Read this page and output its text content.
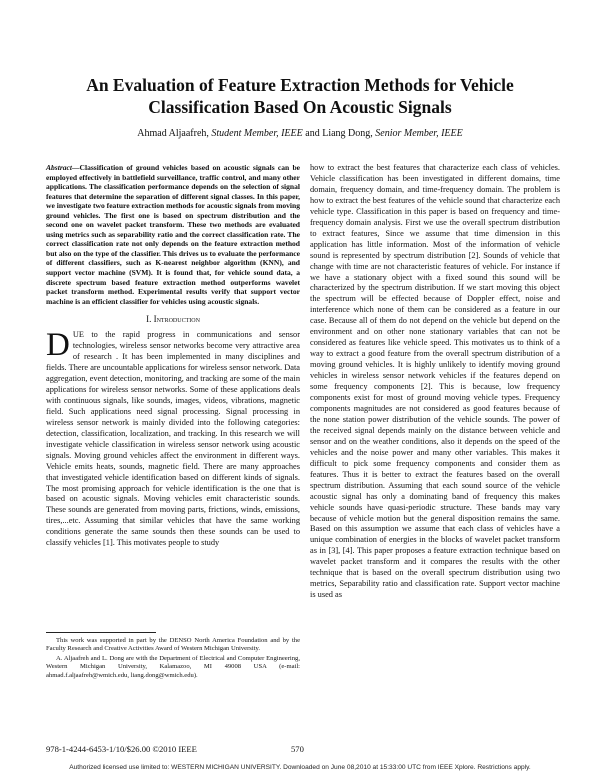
An Evaluation of Feature Extraction Methods for Vehicle
Classification Based On Acoustic Signals
Ahmad Aljaafreh, Student Member, IEEE and Liang Dong, Senior Member, IEEE

Abstract—Classification of ground vehicles based on acoustic signals can be employed effectively in battlefield surveillance, traffic control, and many other applications. The classification performance depends on the selection of signal features that determine the separation of different signal classes. In this paper, we investigate two feature extraction methods for acoustic signals from moving ground vehicles. The first one is based on spectrum distribution and the second one on wavelet packet transform. These two methods are evaluated using metrics such as separability ratio and the correct classification rate. The correct classification rate not only depends on the feature extraction method but also on the type of the classifier. This drives us to evaluate the performance of different classifiers, such as K-nearest neighbor algorithm (KNN), and support vector machine (SVM). It is found that, for vehicle sound data, a discrete spectrum based feature extraction method outperforms wavelet packet transform method. Experimental results verify that support vector machine is an efficient classifier for vehicles using acoustic signals.

I. Introduction

DUE to the rapid progress in communications and sensor technologies, wireless sensor networks become very attractive area of research . It has been implemented in many disciplines and fields. There are uncountable applications for wireless sensor network. Data aggregation, event detection, monitoring, and tracking are some of the main applications for wireless sensor networks. Some of these applications deals with continuous signals, like sounds, images, videos, vibrations, magnetic field. Such applications need signal processing. Signal processing in wireless sensor network is mainly divided into the following categories: detection, classification, localization, and tracking. In this research we will investigate vehicle classification in wireless sensor network using acoustic signals. Moving ground vehicles affect the environment in different ways. Vehicle emits heats, sounds, magnetic field. There are many approaches that investigated vehicle identification based on different kinds of signals. The most promising approach for vehicle identification is the one that is based on acoustic signals. Moving vehicles emit characteristic sounds. These sounds are generated from moving parts, frictions, winds, emissions, tires,...etc. Assuming that similar vehicles that have the same working conditions generate the same sounds then these sounds can be used to classify vehicles [1]. This motivates people to study

This work was supported in part by the DENSO North America Foundation and by the Faculty Research and Creative Activities Award of Western Michigan University.

A. Aljaafreh and L. Dong are with the Department of Electrical and Computer Engineering, Western Michigan University, Kalamazoo, MI 49008 USA (e-mail: ahmad.f.aljaafreh@wmich.edu, liang.dong@wmich.edu).

how to extract the best features that characterize each class of vehicles. Vehicle classification has been investigated in different domains, time domain, frequency domain, and time-frequency domain. The problem is how to extract the best features of the vehicle sound that characterize each vehicle type. Classification in this paper is based on frequency and time-frequency domain analysis. First we use the overall spectrum distribution to extract features, Since we assume that time dimension in this application has little information. Most of the information of vehicle sound is represented by spectrum distribution [2]. Sounds of vehicle that change with time are not characteristic features of vehicle. For instance if we have a stationary object with a fixed sound this sound will be characterized by the spectrum distribution. If we start moving this object the spectrum will be effected because of Doppler effect, noise and interference which none of them can be considered as a feature in our case. Because all of them do not depend on the vehicle but depend on the environment and on other none stationary variables that can not be considered as features like vehicle speed. This motivates us to think of a way to extract a good feature from the overall spectrum distribution of a moving ground vehicles. It is highly unlikely to identify moving ground vehicles in wireless sensor network vehicles if the features depend on some frequency components [2]. This is because, low frequency components exist for most of ground moving vehicle types. Frequency components magnitudes are not considered as good features because of the none station power distribution of the vehicle sounds. The power of the received signal depends mainly on the distance between vehicle and sensor and on the weather conditions, also it depends on the speed of the vehicles and the noise power and many other variables. This makes it difficult to pick some frequency components and consider them as features. Thus it is better to extract the features based on the overall spectrum distribution. Assuming that each sound source of the vehicle acoustic signal has only a dominating band of frequency this makes vehicle sounds have quasi-periodic structure. These bands may vary because of vehicle motion but the general disposition remains the same. Based on this assumption we assume that each class of vehicles have a unique combination of energies in the blocks of wavelet packet transform as in [3], [4]. This paper proposes a feature extraction technique based on wavelet packet transform and it compares the results with the other technique that is based on the overall spectrum distribution using two metrics, Separability ratio and classification rate. Support vector machine is used as

978-1-4244-6453-1/10/$26.00 ©2010 IEEE	570
Authorized licensed use limited to: WESTERN MICHIGAN UNIVERSITY. Downloaded on June 08,2010 at 15:33:00 UTC from IEEE Xplore. Restrictions apply.
